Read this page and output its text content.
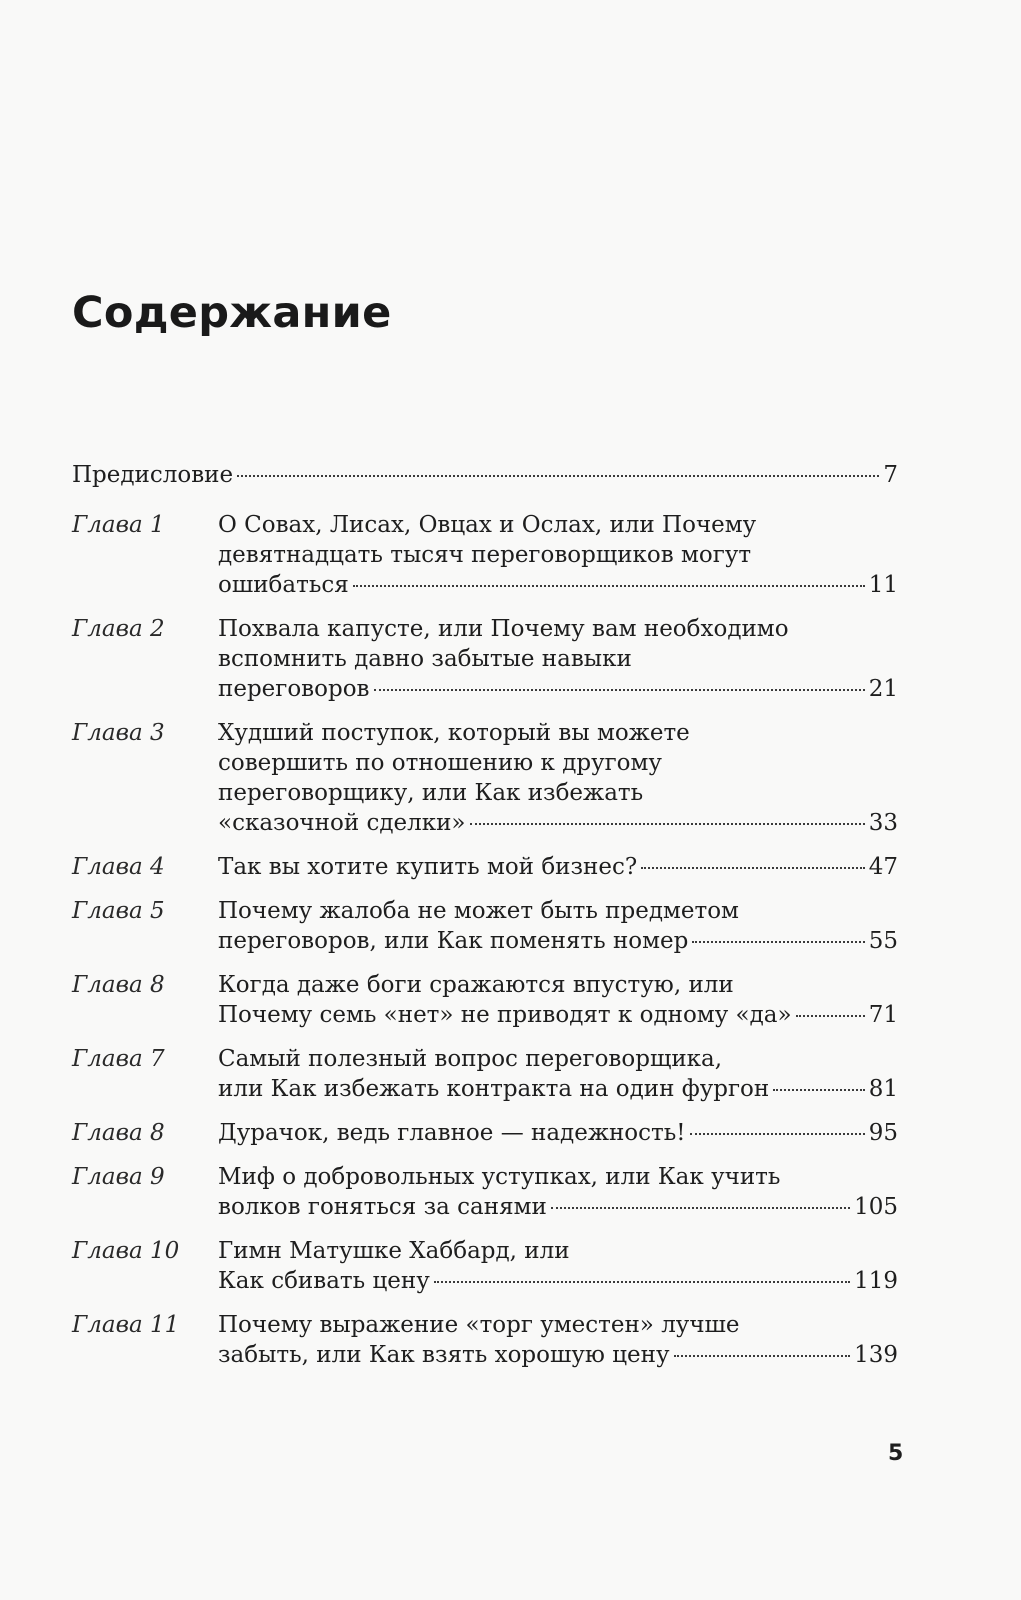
Содержание
Предисловие	7
Глава 1	О Совах, Лисах, Овцах и Ослах, или Почему
девятнадцать тысяч переговорщиков могут
ошибаться	11
Глава 2	Похвала капусте, или Почему вам необходимо
вспомнить давно забытые навыки
переговоров	21
Глава 3	Худший поступок, который вы можете
совершить по отношению к другому
переговорщику, или Как избежать
«сказочной сделки»	33
Глава 4	Так вы хотите купить мой бизнес?	47
Глава 5	Почему жалоба не может быть предметом
переговоров, или Как поменять номер	55
Глава 8	Когда даже боги сражаются впустую, или
Почему семь «нет» не приводят к одному «да»	71
Глава 7	Самый полезный вопрос переговорщика,
или Как избежать контракта на один фургон	81
Глава 8	Дурачок, ведь главное — надежность!	95
Глава 9	Миф о добровольных уступках, или Как учить
волков гоняться за санями	105
Глава 10	Гимн Матушке Хаббард, или
Как сбивать цену	119
Глава 11	Почему выражение «торг уместен» лучше
забыть, или Как взять хорошую цену	139
5
